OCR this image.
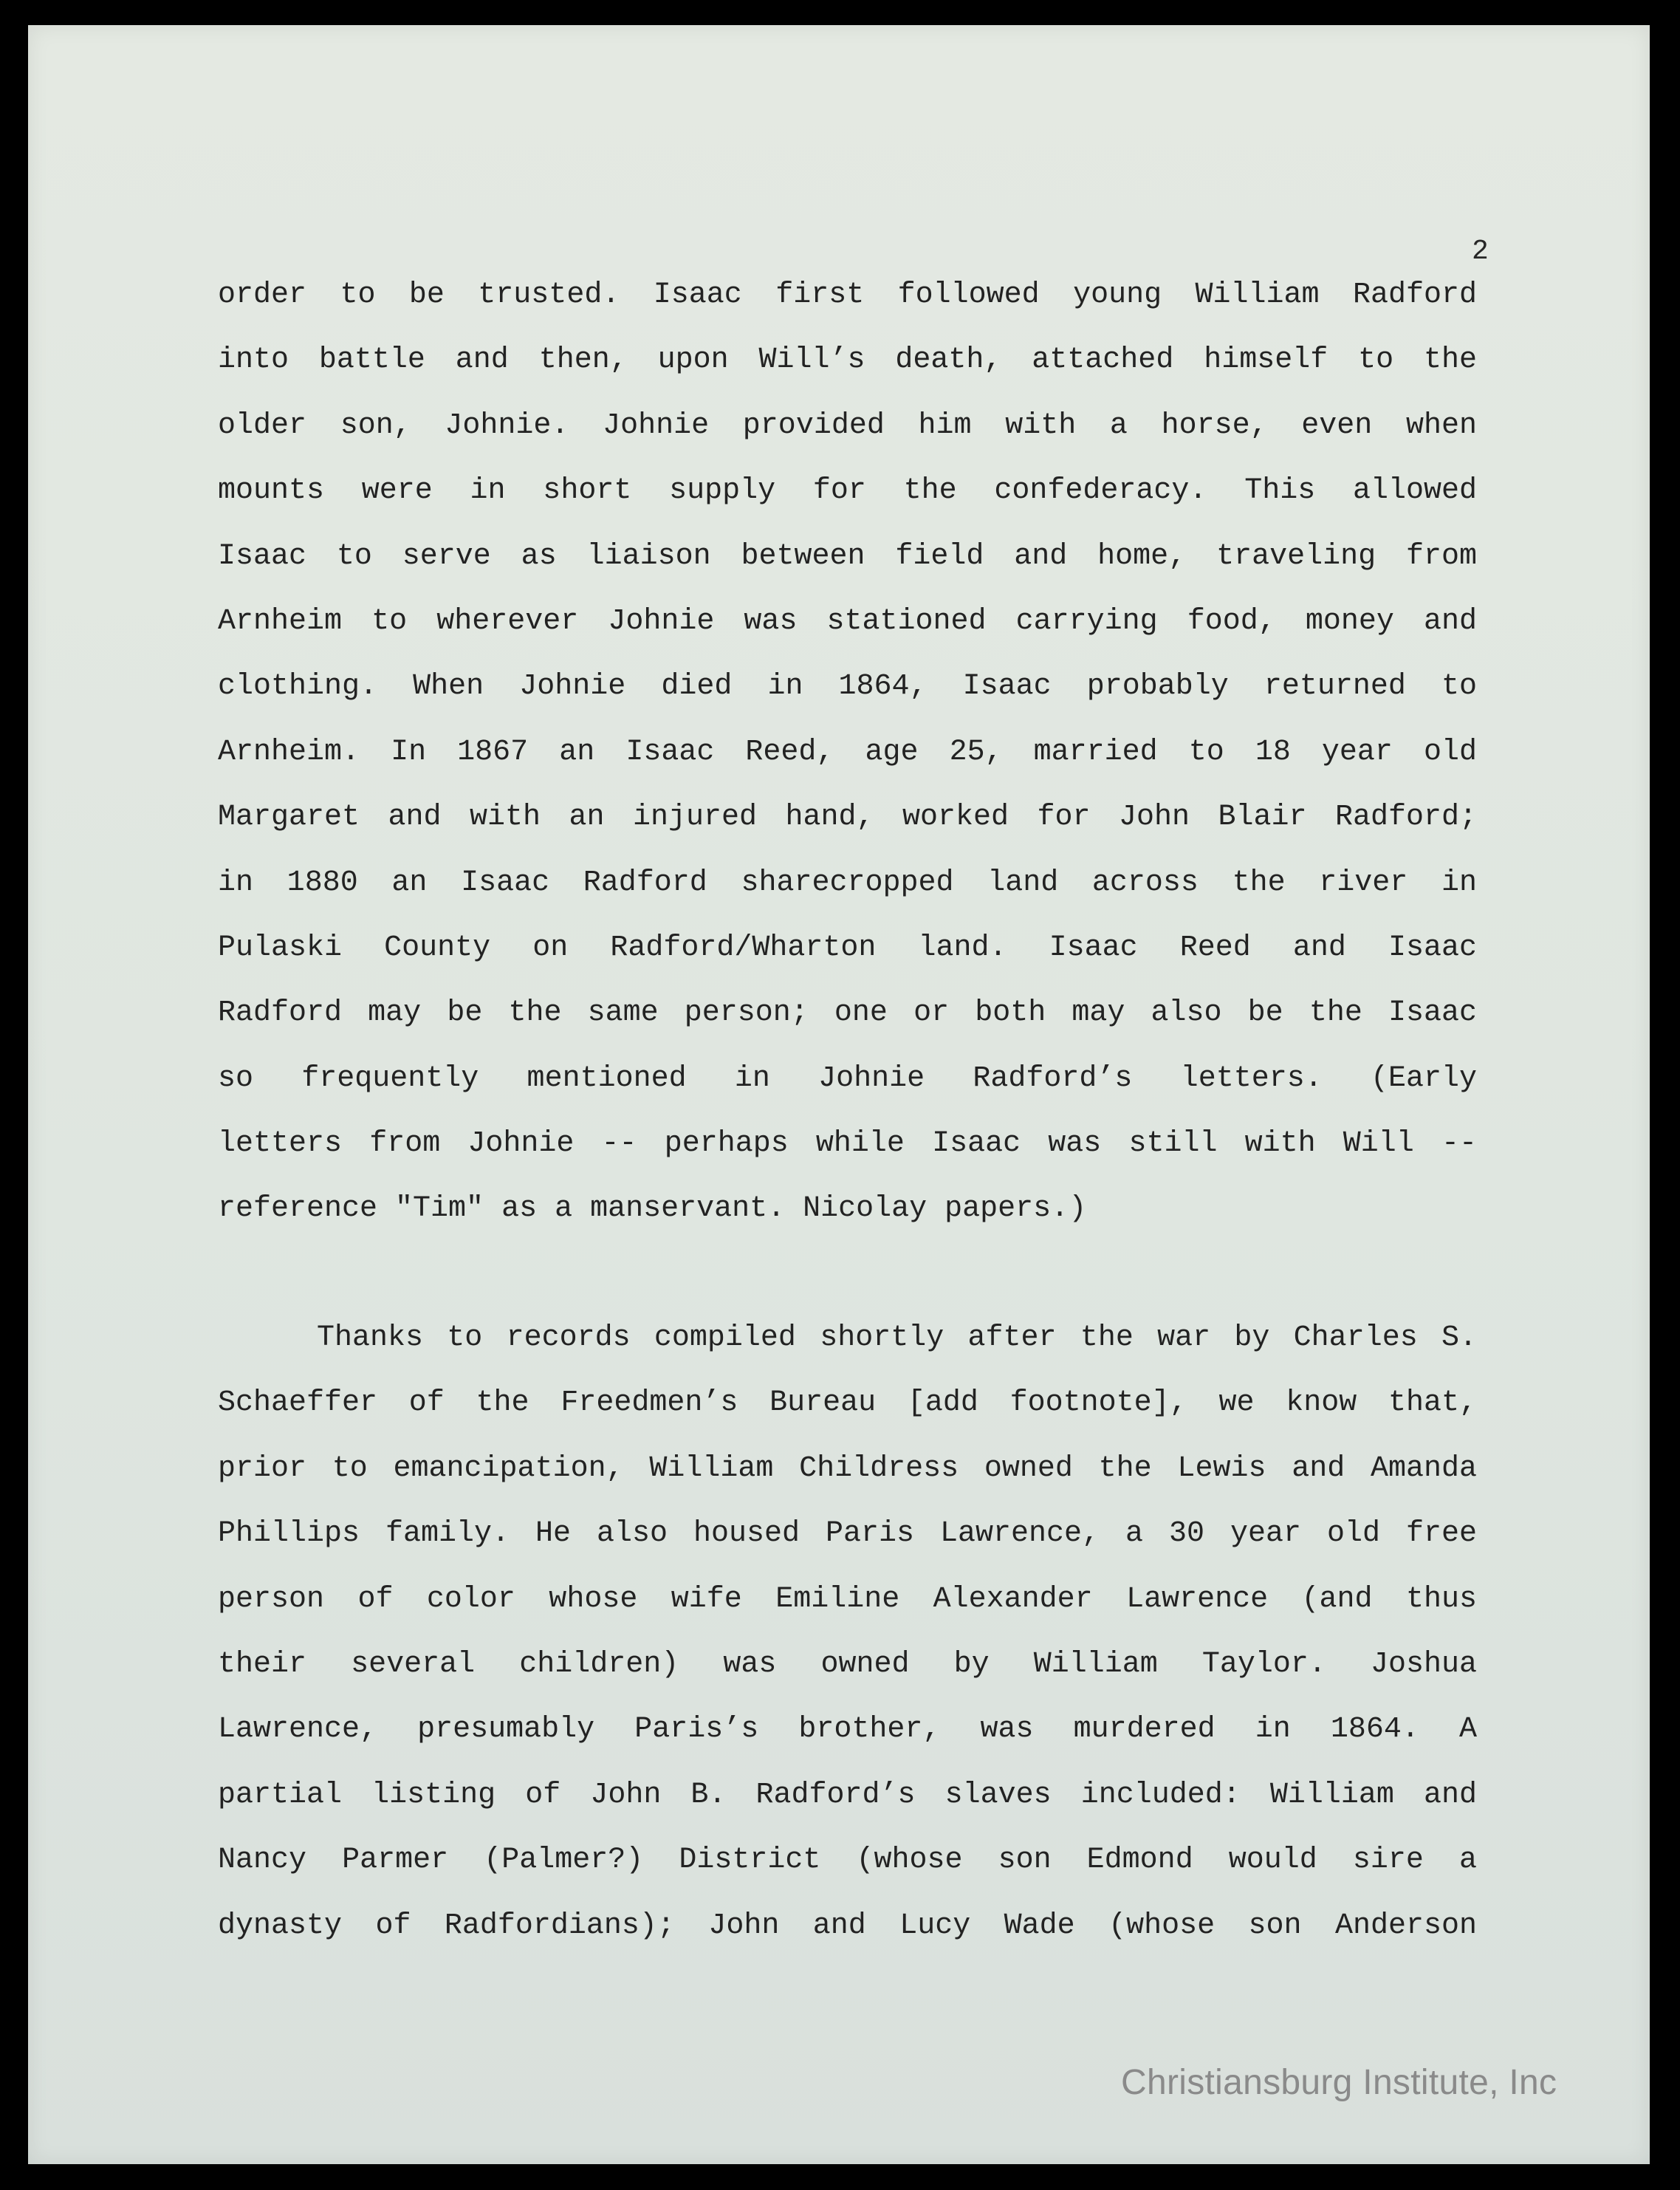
2
order to be trusted. Isaac first followed young William Radford
into battle and then, upon Will’s death, attached himself to the
older son, Johnie. Johnie provided him with a horse, even when
mounts were in short supply for the confederacy. This allowed
Isaac to serve as liaison between field and home, traveling from
Arnheim to wherever Johnie was stationed carrying food, money and
clothing. When Johnie died in 1864, Isaac probably returned to
Arnheim. In 1867 an Isaac Reed, age 25, married to 18 year old
Margaret and with an injured hand, worked for John Blair Radford;
in 1880 an Isaac Radford sharecropped land across the river in
Pulaski County on Radford/Wharton land. Isaac Reed and Isaac
Radford may be the same person; one or both may also be the Isaac
so frequently mentioned in Johnie Radford’s letters. (Early
letters from Johnie -- perhaps while Isaac was still with Will --
reference "Tim" as a manservant. Nicolay papers.)
Thanks to records compiled shortly after the war by Charles S.
Schaeffer of the Freedmen’s Bureau [add footnote], we know that,
prior to emancipation, William Childress owned the Lewis and Amanda
Phillips family. He also housed Paris Lawrence, a 30 year old free
person of color whose wife Emiline Alexander Lawrence (and thus
their several children) was owned by William Taylor. Joshua
Lawrence, presumably Paris’s brother, was murdered in 1864. A
partial listing of John B. Radford’s slaves included: William and
Nancy Parmer (Palmer?) District (whose son Edmond would sire a
dynasty of Radfordians); John and Lucy Wade (whose son Anderson
Christiansburg Institute, Inc
